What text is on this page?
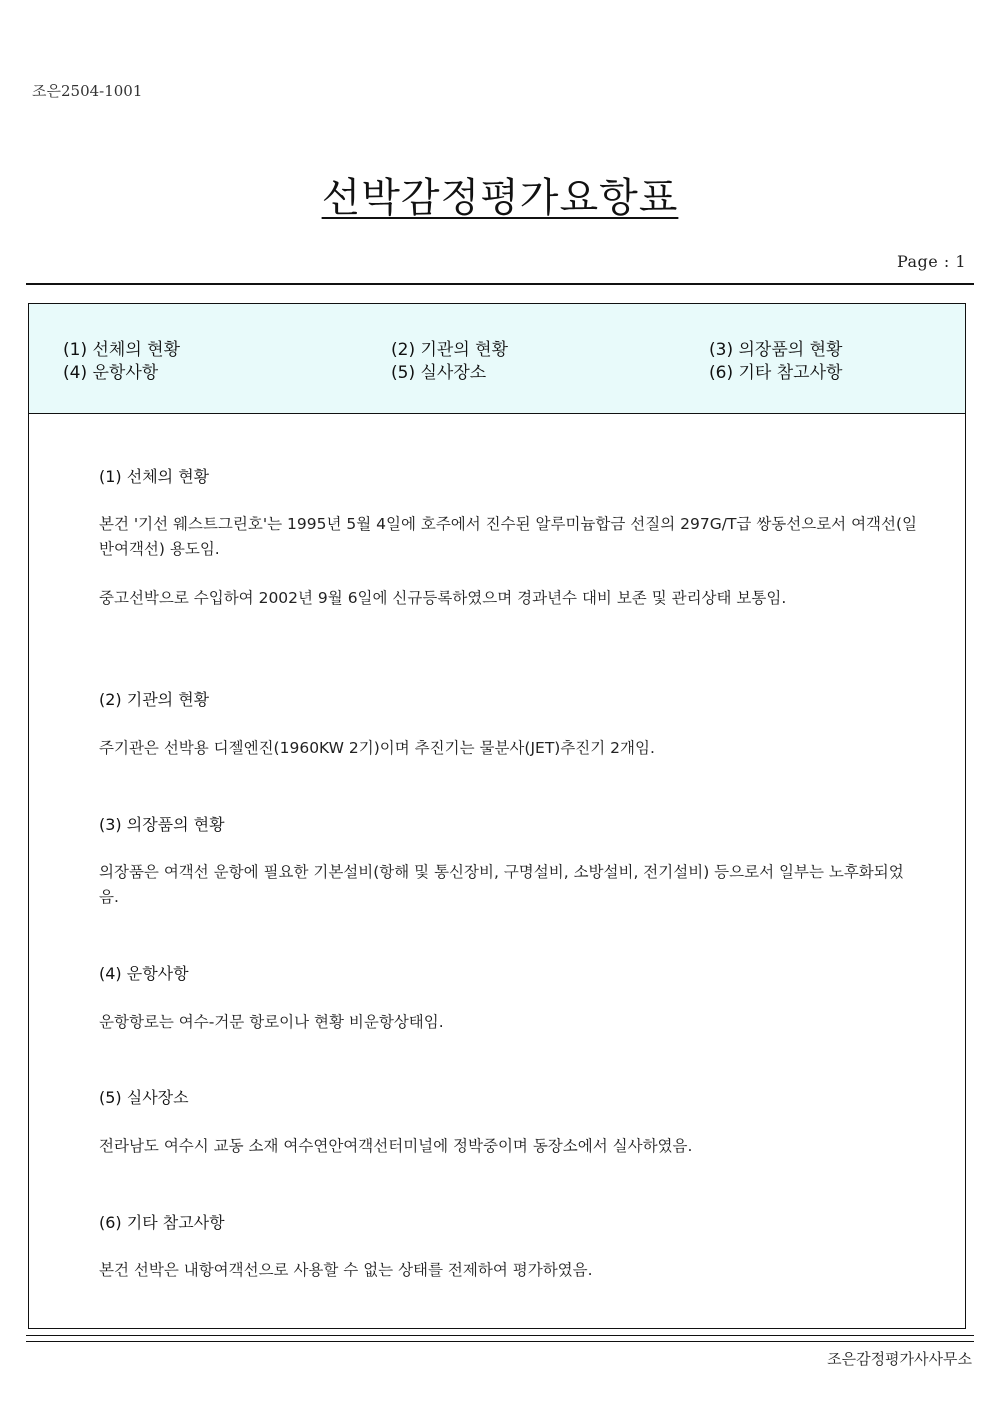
조은2504-1001
선박감정평가요항표
Page : 1
(1) 선체의 현황	(2) 기관의 현황	(3) 의장품의 현황
(4) 운항사항	(5) 실사장소	(6) 기타 참고사항
(1) 선체의 현황
본건 '기선 웨스트그린호'는 1995년 5월 4일에 호주에서 진수된 알루미늄합금 선질의 297G/T급 쌍동선으로서 여객선(일반여객선) 용도임.
중고선박으로 수입하여 2002년 9월 6일에 신규등록하였으며 경과년수 대비 보존 및 관리상태 보통임.
(2) 기관의 현황
주기관은 선박용 디젤엔진(1960KW 2기)이며 추진기는 물분사(JET)추진기 2개임.
(3) 의장품의 현황
의장품은 여객선 운항에 필요한 기본설비(항해 및 통신장비, 구명설비, 소방설비, 전기설비) 등으로서 일부는 노후화되었음.
(4) 운항사항
운항항로는 여수-거문 항로이나 현황 비운항상태임.
(5) 실사장소
전라남도 여수시 교동 소재 여수연안여객선터미널에 정박중이며 동장소에서 실사하였음.
(6) 기타 참고사항
본건 선박은 내항여객선으로 사용할 수 없는 상태를 전제하여 평가하였음.
조은감정평가사사무소
